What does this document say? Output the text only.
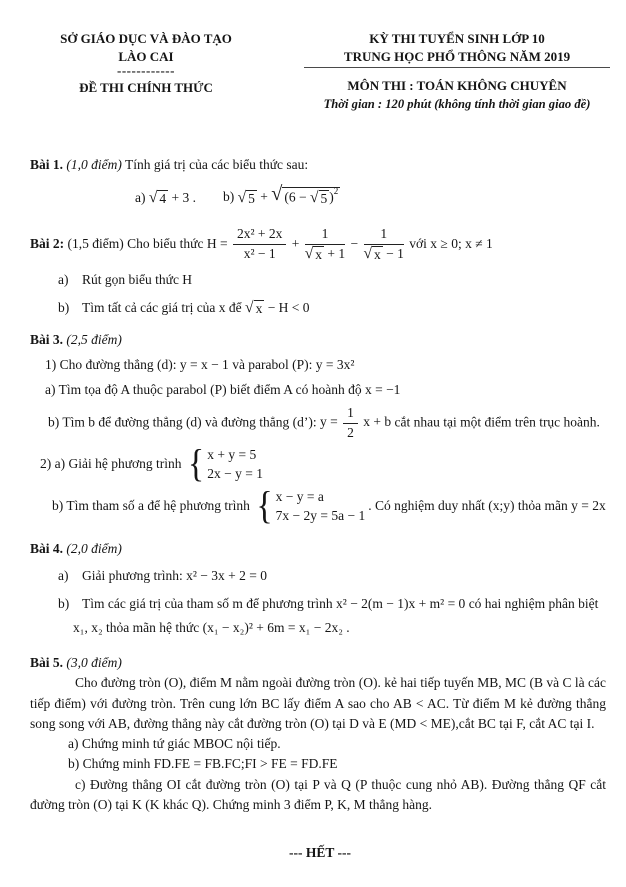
SỞ GIÁO DỤC VÀ ĐÀO TẠO
LÀO CAI
------------
ĐỀ THI CHÍNH THỨC
KỲ THI TUYỂN SINH LỚP 10
TRUNG HỌC PHỔ THÔNG NĂM 2019
MÔN THI : TOÁN KHÔNG CHUYÊN
Thời gian : 120 phút (không tính thời gian giao đề)

Bài 1. (1,0 điểm) Tính giá trị của các biểu thức sau:

a) √ 4 + 3 .	b) √ 5 + √ (6 − √ 5 )$^2$

Bài 2: (1,5 điểm) Cho biểu thức $H = \frac{\text{2x² + 2x}}{\text{x² − 1}} + \frac{1}{√ x + 1} - \frac{1}{√ x - 1}$ với x ≥ 0; x ≠ 1

a) Rút gọn biểu thức H

b) Tìm tất cả các giá trị của x để √ x − H < 0

Bài 3. (2,5 điểm)

1) Cho đường thẳng (d): y = x − 1 và parabol (P): y = 3x²

a) Tìm tọa độ A thuộc parabol (P) biết điểm A có hoành độ x = −1

b) Tìm b để đường thẳng (d) và đường thẳng (d’): $y = \frac{1}{2}$ x + b cắt nhau tại một điểm trên trục hoành.

2) a) Giải hệ phương trình { x + y = 5
2x − y = 1

b) Tìm tham số a để hệ phương trình { x − y = a
7x − 2y = 5a − 1
. Có nghiệm duy nhất (x;y) thỏa mãn y = 2x

Bài 4. (2,0 điểm)

a) Giải phương trình: x² − 3x + 2 = 0

b) Tìm các giá trị của tham số m để phương trình x² − 2(m − 1)x + m² = 0 có hai nghiệm phân biệt

x₁, x₂ thỏa mãn hệ thức (x₁ − x₂)² + 6m = x₁ − 2x₂ .

Bài 5. (3,0 điểm)

Cho đường tròn (O), điểm M nằm ngoài đường tròn (O). kẻ hai tiếp tuyến MB, MC (B và C là các tiếp điểm) với đường tròn. Trên cung lớn BC lấy điểm A sao cho AB < AC. Từ điểm M kẻ đường thẳng song song với AB, đường thẳng này cắt đường tròn (O) tại D và E (MD < ME),cắt BC tại F, cắt AC tại I.

a) Chứng minh tứ giác MBOC nội tiếp.

b) Chứng minh FD.FE = FB.FC;FI > FE = FD.FE

c) Đường thẳng OI cắt đường tròn (O) tại P và Q (P thuộc cung nhỏ AB). Đường thẳng QF cắt đường tròn (O) tại K (K khác Q). Chứng minh 3 điểm P, K, M thẳng hàng.

--- HẾT ---
